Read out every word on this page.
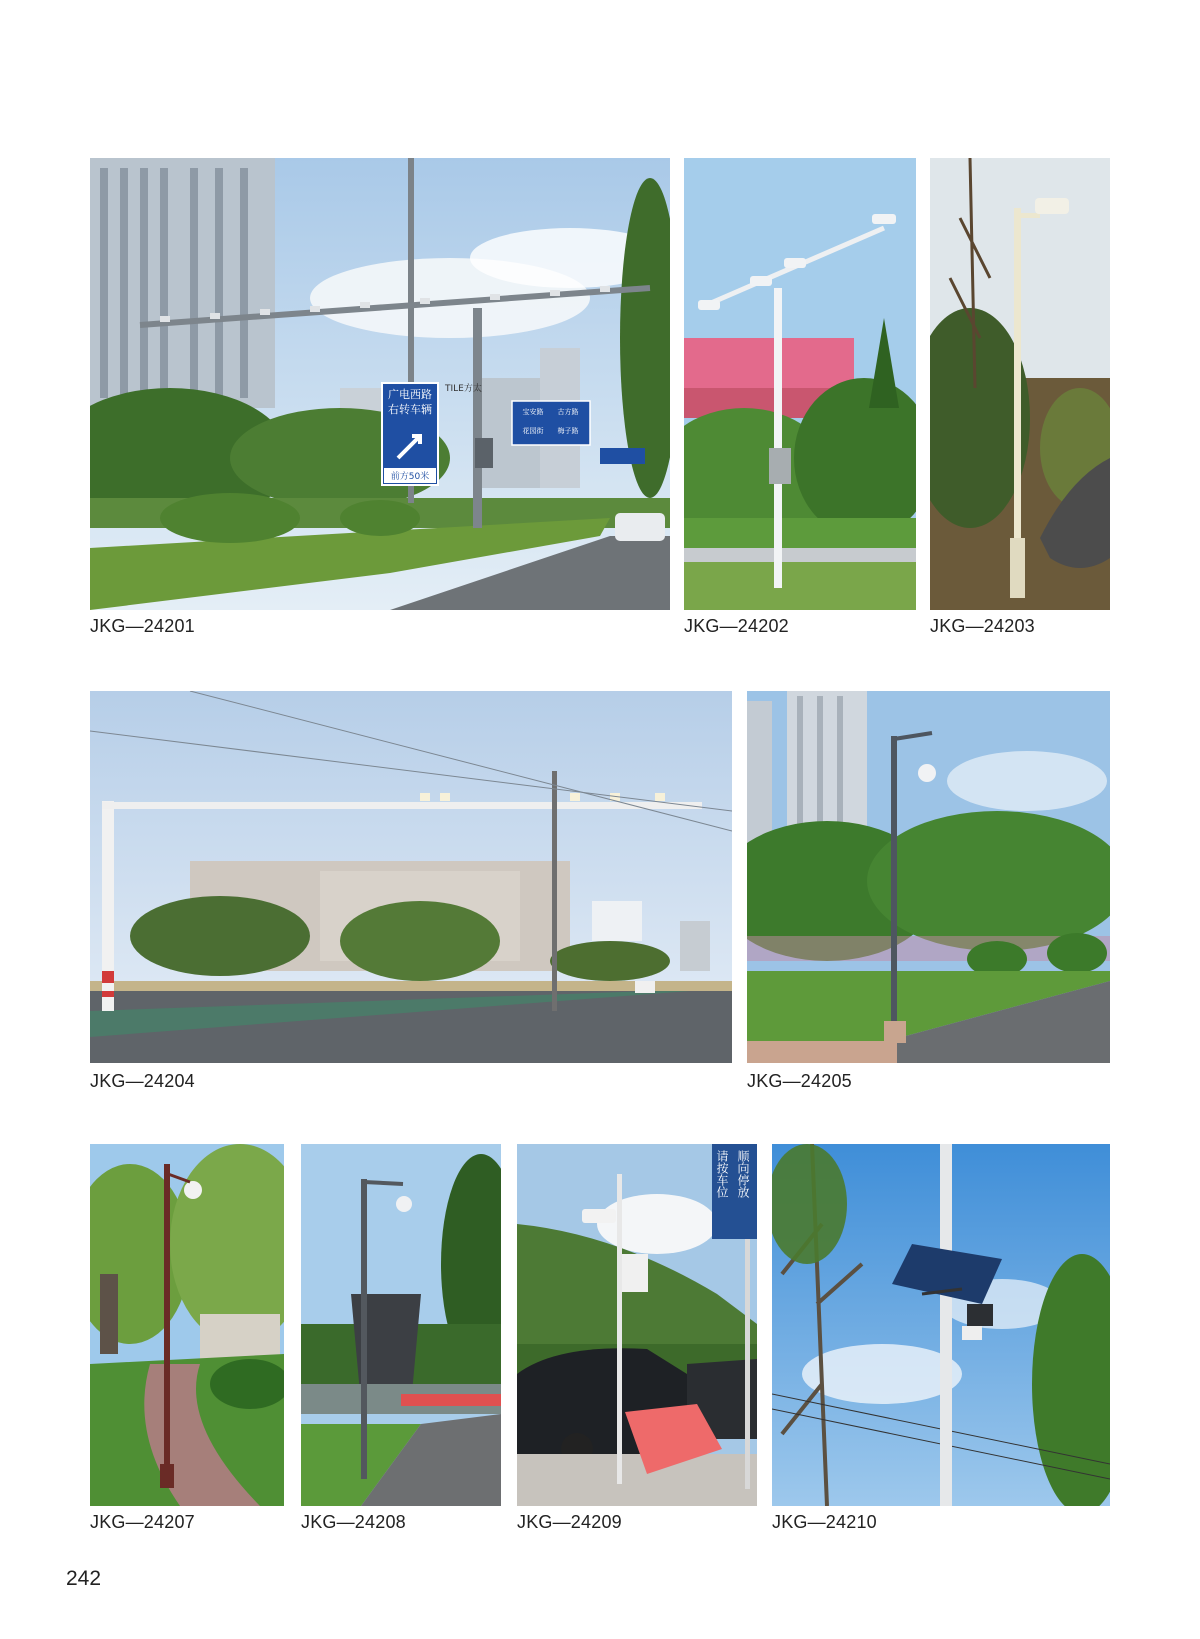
广电西路
右转车辆
前方50米
TILE方太
宝安路 古方路
花园街 梅子路
JKG—24201	JKG—24202	JKG—24203
JKG—24204	JKG—24205
JKG—24207	JKG—24208
请按车位 顺向停放
JKG—24209	JKG—24210
242
